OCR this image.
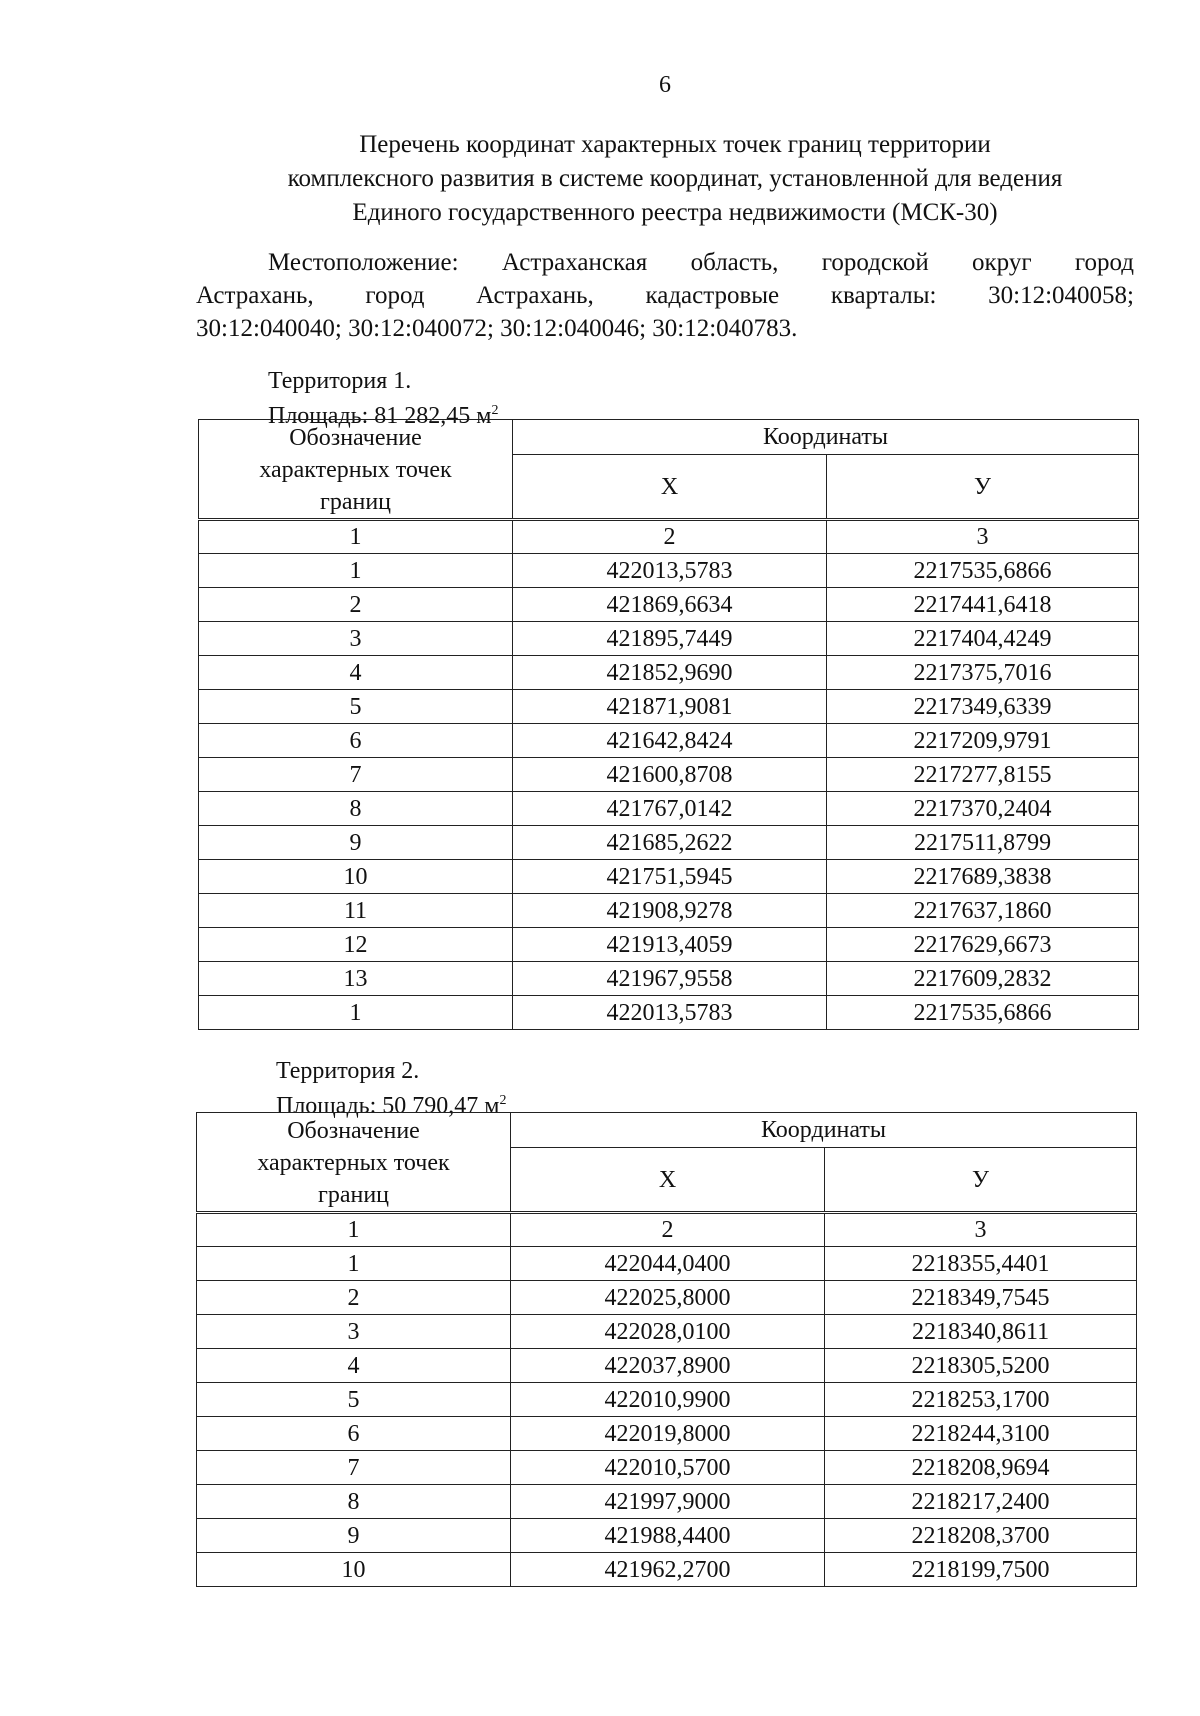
6
Перечень координат характерных точек границ территории
комплексного развития в системе координат, установленной для ведения
Единого государственного реестра недвижимости (МСК-30)
Местоположение: Астраханская область, городской округ город
Астрахань, город Астрахань, кадастровые кварталы: 30:12:040058;
30:12:040040; 30:12:040072; 30:12:040046; 30:12:040783.
Территория 1.
Площадь: 81 282,45 $м^2$
Обозначение
характерных точек
границ	Координаты	
	X	У
1	2	3
1	422013,5783	2217535,6866
2	421869,6634	2217441,6418
3	421895,7449	2217404,4249
4	421852,9690	2217375,7016
5	421871,9081	2217349,6339
6	421642,8424	2217209,9791
7	421600,8708	2217277,8155
8	421767,0142	2217370,2404
9	421685,2622	2217511,8799
10	421751,5945	2217689,3838
11	421908,9278	2217637,1860
12	421913,4059	2217629,6673
13	421967,9558	2217609,2832
1	422013,5783	2217535,6866
Территория 2.
Площадь: 50 790,47 $м^2$
Обозначение
характерных точек
границ	Координаты	
	X	У
1	2	3
1	422044,0400	2218355,4401
2	422025,8000	2218349,7545
3	422028,0100	2218340,8611
4	422037,8900	2218305,5200
5	422010,9900	2218253,1700
6	422019,8000	2218244,3100
7	422010,5700	2218208,9694
8	421997,9000	2218217,2400
9	421988,4400	2218208,3700
10	421962,2700	2218199,7500
